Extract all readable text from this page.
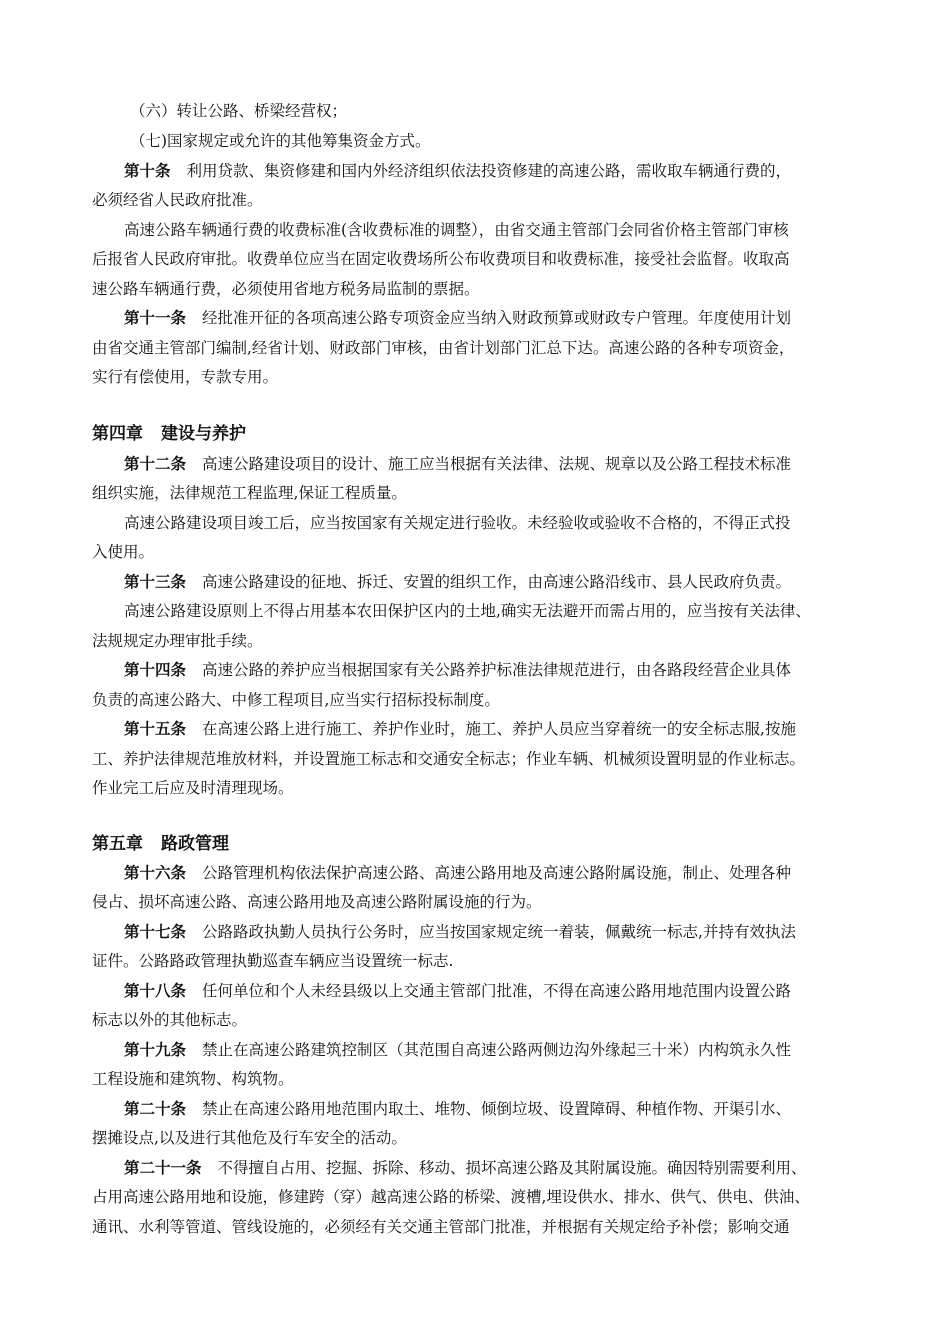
（六）转让公路、桥梁经营权；
（七)国家规定或允许的其他筹集资金方式。
第十条 利用贷款、集资修建和国内外经济组织依法投资修建的高速公路，需收取车辆通行费的，
必须经省人民政府批准。
高速公路车辆通行费的收费标准(含收费标准的调整），由省交通主管部门会同省价格主管部门审核
后报省人民政府审批。收费单位应当在固定收费场所公布收费项目和收费标准，接受社会监督。收取高
速公路车辆通行费，必须使用省地方税务局监制的票据。
第十一条 经批准开征的各项高速公路专项资金应当纳入财政预算或财政专户管理。年度使用计划
由省交通主管部门编制,经省计划、财政部门审核，由省计划部门汇总下达。高速公路的各种专项资金，
实行有偿使用，专款专用。
第四章 建设与养护
第十二条 高速公路建设项目的设计、施工应当根据有关法律、法规、规章以及公路工程技术标准
组织实施，法律规范工程监理,保证工程质量。
高速公路建设项目竣工后，应当按国家有关规定进行验收。未经验收或验收不合格的，不得正式投
入使用。
第十三条 高速公路建设的征地、拆迁、安置的组织工作，由高速公路沿线市、县人民政府负责。
高速公路建设原则上不得占用基本农田保护区内的土地,确实无法避开而需占用的，应当按有关法律、
法规规定办理审批手续。
第十四条 高速公路的养护应当根据国家有关公路养护标准法律规范进行，由各路段经营企业具体
负责的高速公路大、中修工程项目,应当实行招标投标制度。
第十五条 在高速公路上进行施工、养护作业时，施工、养护人员应当穿着统一的安全标志服,按施
工、养护法律规范堆放材料，并设置施工标志和交通安全标志；作业车辆、机械须设置明显的作业标志。
作业完工后应及时清理现场。
第五章 路政管理
第十六条 公路管理机构依法保护高速公路、高速公路用地及高速公路附属设施，制止、处理各种
侵占、损坏高速公路、高速公路用地及高速公路附属设施的行为。
第十七条 公路路政执勤人员执行公务时，应当按国家规定统一着装，佩戴统一标志,并持有效执法
证件。公路路政管理执勤巡查车辆应当设置统一标志.
第十八条 任何单位和个人未经县级以上交通主管部门批准，不得在高速公路用地范围内设置公路
标志以外的其他标志。
第十九条 禁止在高速公路建筑控制区（其范围自高速公路两侧边沟外缘起三十米）内构筑永久性
工程设施和建筑物、构筑物。
第二十条 禁止在高速公路用地范围内取土、堆物、倾倒垃圾、设置障碍、种植作物、开渠引水、
摆摊设点,以及进行其他危及行车安全的活动。
第二十一条 不得擅自占用、挖掘、拆除、移动、损坏高速公路及其附属设施。确因特别需要利用、
占用高速公路用地和设施，修建跨（穿）越高速公路的桥梁、渡槽,埋设供水、排水、供气、供电、供油、
通讯、水利等管道、管线设施的，必须经有关交通主管部门批准，并根据有关规定给予补偿；影响交通
